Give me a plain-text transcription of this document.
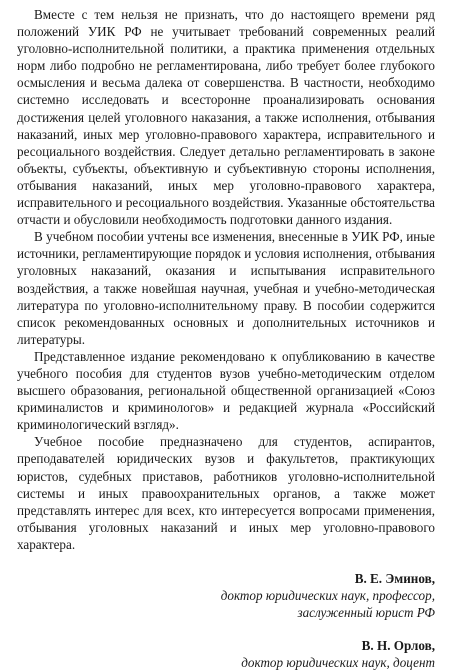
Вместе с тем нельзя не признать, что до настоящего времени ряд положений УИК РФ не учитывает требований современных реалий уголовно-исполнительной политики, а практика применения отдельных норм либо подробно не регламентирована, либо требует более глубокого осмысления и весьма далека от совершенства. В частности, необходимо системно исследовать и всесторонне проанализировать основания достижения целей уголовного наказания, а также исполнения, отбывания наказаний, иных мер уголовно-правового характера, исправительного и ресоциального воздействия. Следует детально регламентировать в законе объекты, субъекты, объективную и субъективную стороны исполнения, отбывания наказаний, иных мер уголовно-правового характера, исправительного и ресоциального воздействия. Указанные обстоятельства отчасти и обусловили необходимость подготовки данного издания.

В учебном пособии учтены все изменения, внесенные в УИК РФ, иные источники, регламентирующие порядок и условия исполнения, отбывания уголовных наказаний, оказания и испытывания исправительного воздействия, а также новейшая научная, учебная и учебно-методическая литература по уголовно-исполнительному праву. В пособии содержится список рекомендованных основных и дополнительных источников и литературы.

Представленное издание рекомендовано к опубликованию в качестве учебного пособия для студентов вузов учебно-методическим отделом высшего образования, региональной общественной организацией «Союз криминалистов и криминологов» и редакцией журнала «Российский криминологический взгляд».

Учебное пособие предназначено для студентов, аспирантов, преподавателей юридических вузов и факультетов, практикующих юристов, судебных приставов, работников уголовно-исполнительной системы и иных правоохранительных органов, а также может представлять интерес для всех, кто интересуется вопросами применения, отбывания уголовных наказаний и иных мер уголовно-правового характера.

В. Е. Эминов,
доктор юридических наук, профессор,
заслуженный юрист РФ
В. Н. Орлов,
доктор юридических наук, доцент
